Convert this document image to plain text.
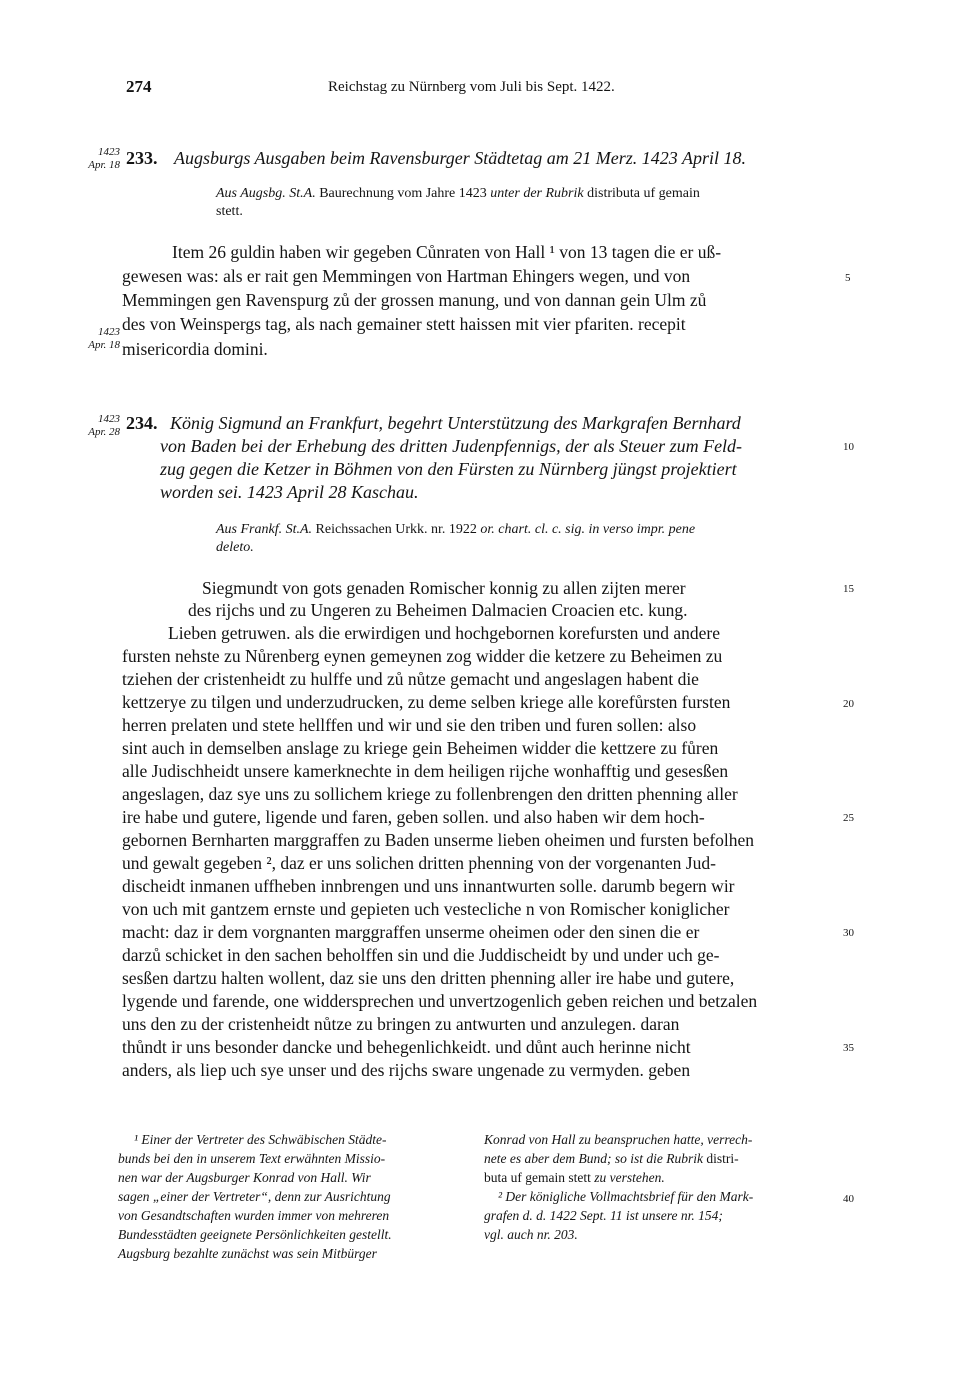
274	Reichstag zu Nürnberg vom Juli bis Sept. 1422.
1423
Apr. 18 233. Augsburgs Ausgaben beim Ravensburger Städtetag am 21 Merz. 1423 April 18.
Aus Augsbg. St.A. Baurechnung vom Jahre 1423 unter der Rubrik distributa uf gemain
stett.
Item 26 guldin haben wir gegeben Cůnraten von Hall ¹ von 13 tagen die er uß-
gewesen was: als er rait gen Memmingen von Hartman Ehingers wegen, und von
Memmingen gen Ravenspurg zů der grossen manung, und von dannan gein Ulm zů
des von Weinspergs tag, als nach gemainer stett haissen mit vier pfariten. recepit
misericordia domini.
1423
Apr. 18
1423
Apr. 28 234. König Sigmund an Frankfurt, begehrt Unterstützung des Markgrafen Bernhard
von Baden bei der Erhebung des dritten Judenpfennigs, der als Steuer zum Feld-
zug gegen die Ketzer in Böhmen von den Fürsten zu Nürnberg jüngst projektiert
worden sei. 1423 April 28 Kaschau.
Aus Frankf. St.A. Reichssachen Urkk. nr. 1922 or. chart. cl. c. sig. in verso impr. pene
deleto.
Siegmundt von gots genaden Romischer konnig zu allen zijten merer
des rijchs und zu Ungeren zu Beheimen Dalmacien Croacien etc. kung.
Lieben getruwen. als die erwirdigen und hochgebornen korefursten und andere
fursten nehste zu Nůrenberg eynen gemeynen zog widder die ketzere zu Beheimen zu
tziehen der cristenheidt zu hulffe und zů nůtze gemacht und angeslagen habent die
kettzerye zu tilgen und underzudrucken, zu deme selben kriege alle korefůrsten fursten
herren prelaten und stete hellffen und wir und sie den triben und furen sollen: also
sint auch in demselben anslage zu kriege gein Beheimen widder die kettzere zu fůren
alle Judischheidt unsere kamerknechte in dem heiligen rijche wonhafftig und gesesßen
angeslagen, daz sye uns zu sollichem kriege zu follenbrengen den dritten phenning aller
ire habe und gutere, ligende und faren, geben sollen. und also haben wir dem hoch-
gebornen Bernharten marggraffen zu Baden unserme lieben oheimen und fursten befolhen
und gewalt gegeben ², daz er uns solichen dritten phenning von der vorgenanten Jud-
discheidt inmanen uffheben innbrengen und uns innantwurten solle. darumb begern wir
von uch mit gantzem ernste und gepieten uch vestecliche n von Romischer koniglicher
macht: daz ir dem vorgnanten marggraffen unserme oheimen oder den sinen die er
darzů schicket in den sachen beholffen sin und die Juddischeidt by und under uch ge-
sesßen dartzu halten wollent, daz sie uns den dritten phenning aller ire habe und gutere,
lygende und farende, one widdersprechen und unvertzogenlich geben reichen und betzalen
uns den zu der cristenheidt nůtze zu bringen zu antwurten und anzulegen. daran
thůndt ir uns besonder dancke und behegenlichkeidt. und důnt auch herinne nicht
anders, als liep uch sye unser und des rijchs sware ungenade zu vermyden. geben
5
10
15
20
25
30
35
40
¹ Einer der Vertreter des Schwäbischen Städte-
bunds bei den in unserem Text erwähnten Missio-
nen war der Augsburger Konrad von Hall. Wir
sagen „einer der Vertreter“, denn zur Ausrichtung
von Gesandtschaften wurden immer von mehreren
Bundesstädten geeignete Persönlichkeiten gestellt.
Augsburg bezahlte zunächst was sein Mitbürger
Konrad von Hall zu beanspruchen hatte, verrech-
nete es aber dem Bund; so ist die Rubrik distri-
buta uf gemain stett zu verstehen.
² Der königliche Vollmachtsbrief für den Mark-
grafen d. d. 1422 Sept. 11 ist unsere nr. 154;
vgl. auch nr. 203.
